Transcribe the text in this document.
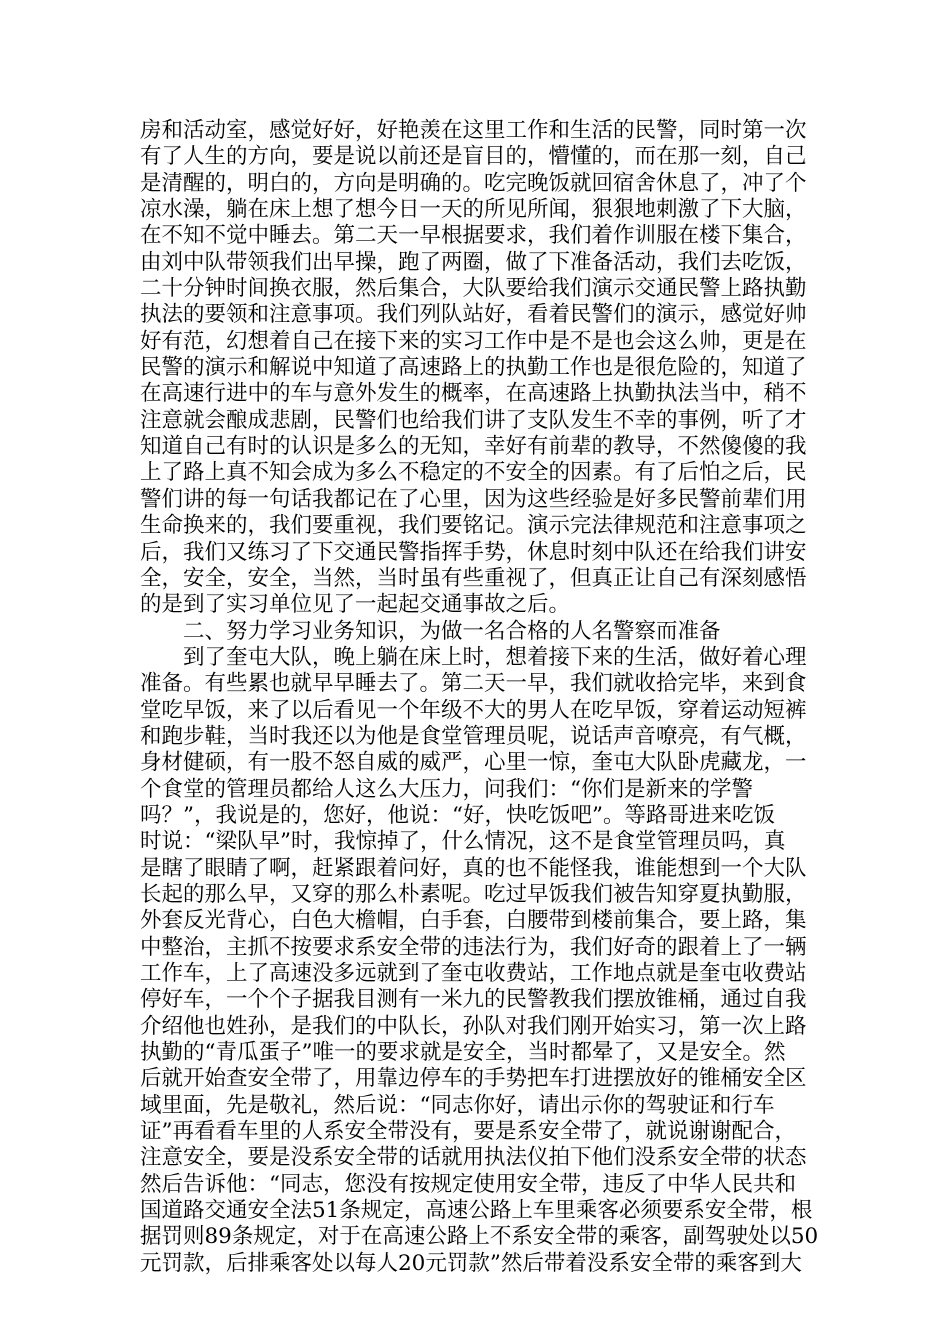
房和活动室，感觉好好，好艳羡在这里工作和生活的民警，同时第一次
有了人生的方向，要是说以前还是盲目的，懵懂的，而在那一刻，自己
是清醒的，明白的，方向是明确的。吃完晚饭就回宿舍休息了，冲了个
凉水澡，躺在床上想了想今日一天的所见所闻，狠狠地刺激了下大脑，
在不知不觉中睡去。第二天一早根据要求，我们着作训服在楼下集合，
由刘中队带领我们出早操，跑了两圈，做了下准备活动，我们去吃饭，
二十分钟时间换衣服，然后集合，大队要给我们演示交通民警上路执勤
执法的要领和注意事项。我们列队站好，看着民警们的演示，感觉好帅
好有范，幻想着自己在接下来的实习工作中是不是也会这么帅，更是在
民警的演示和解说中知道了高速路上的执勤工作也是很危险的，知道了
在高速行进中的车与意外发生的概率，在高速路上执勤执法当中，稍不
注意就会酿成悲剧，民警们也给我们讲了支队发生不幸的事例，听了才
知道自己有时的认识是多么的无知，幸好有前辈的教导，不然傻傻的我
上了路上真不知会成为多么不稳定的不安全的因素。有了后怕之后，民
警们讲的每一句话我都记在了心里，因为这些经验是好多民警前辈们用
生命换来的，我们要重视，我们要铭记。演示完法律规范和注意事项之
后，我们又练习了下交通民警指挥手势，休息时刻中队还在给我们讲安
全，安全，安全，当然，当时虽有些重视了，但真正让自己有深刻感悟
的是到了实习单位见了一起起交通事故之后。
二、努力学习业务知识，为做一名合格的人名警察而准备
到了奎屯大队，晚上躺在床上时，想着接下来的生活，做好着心理
准备。有些累也就早早睡去了。第二天一早，我们就收拾完毕，来到食
堂吃早饭，来了以后看见一个年级不大的男人在吃早饭，穿着运动短裤
和跑步鞋，当时我还以为他是食堂管理员呢，说话声音嘹亮，有气概，
身材健硕，有一股不怒自威的威严，心里一惊，奎屯大队卧虎藏龙，一
个食堂的管理员都给人这么大压力，问我们：“你们是新来的学警
吗？”，我说是的，您好，他说：“好，快吃饭吧”。等路哥进来吃饭
时说：“梁队早”时，我惊掉了，什么情况，这不是食堂管理员吗，真
是瞎了眼睛了啊，赶紧跟着问好，真的也不能怪我，谁能想到一个大队
长起的那么早，又穿的那么朴素呢。吃过早饭我们被告知穿夏执勤服，
外套反光背心，白色大檐帽，白手套，白腰带到楼前集合，要上路，集
中整治，主抓不按要求系安全带的违法行为，我们好奇的跟着上了一辆
工作车，上了高速没多远就到了奎屯收费站，工作地点就是奎屯收费站
停好车，一个个子据我目测有一米九的民警教我们摆放锥桶，通过自我
介绍他也姓孙，是我们的中队长，孙队对我们刚开始实习，第一次上路
执勤的“青瓜蛋子”唯一的要求就是安全，当时都晕了，又是安全。然
后就开始查安全带了，用靠边停车的手势把车打进摆放好的锥桶安全区
域里面，先是敬礼，然后说：“同志你好，请出示你的驾驶证和行车
证”再看看车里的人系安全带没有，要是系安全带了，就说谢谢配合，
注意安全，要是没系安全带的话就用执法仪拍下他们没系安全带的状态
然后告诉他：“同志，您没有按规定使用安全带，违反了中华人民共和
国道路交通安全法51条规定，高速公路上车里乘客必须要系安全带，根
据罚则89条规定，对于在高速公路上不系安全带的乘客，副驾驶处以50
元罚款，后排乘客处以每人20元罚款”然后带着没系安全带的乘客到大
